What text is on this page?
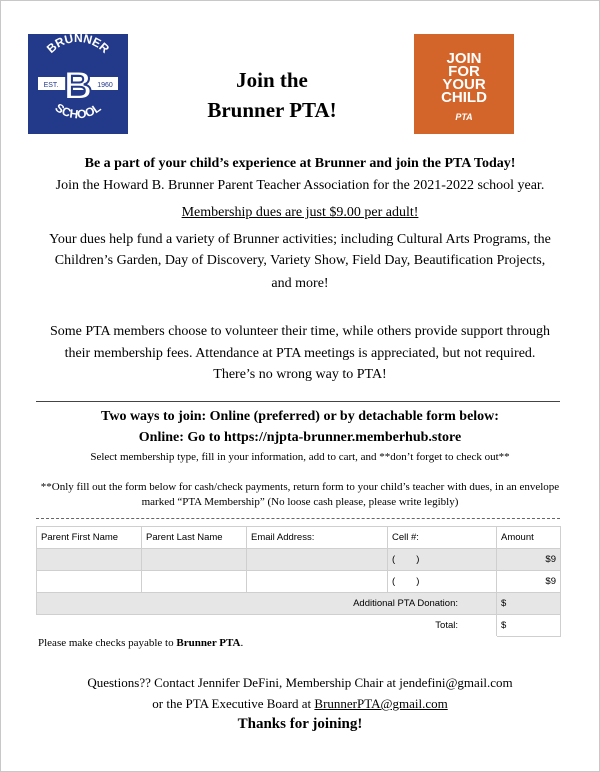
BRUNNER
SCHOOL
EST.	1960
B	Join the
Brunner PTA!
JOIN
FOR
YOUR
CHILD
PTA
Be a part of your child’s experience at Brunner and join the PTA Today!
Join the Howard B. Brunner Parent Teacher Association for the 2021-2022 school year.
Membership dues are just $9.00 per adult!
Your dues help fund a variety of Brunner activities; including Cultural Arts Programs, the
Children’s Garden, Day of Discovery, Variety Show, Field Day, Beautification Projects,
and more!
Some PTA members choose to volunteer their time, while others provide support through
their membership fees. Attendance at PTA meetings is appreciated, but not required.
There’s no wrong way to PTA!
Two ways to join: Online (preferred) or by detachable form below:
Online: Go to https://njpta-brunner.memberhub.store
Select membership type, fill in your information, add to cart, and **don’t forget to check out**
**Only fill out the form below for cash/check payments, return form to your child’s teacher with dues, in an envelope
marked “PTA Membership” (No loose cash please, please write legibly)
Parent First Name	Parent Last Name	Email Address:	Cell #:	Amount
			(        )	$9
			(        )	$9
Additional PTA Donation:				$
Total:				$
Please make checks payable to Brunner PTA.
Questions?? Contact Jennifer DeFini, Membership Chair at jendefini@gmail.com
or the PTA Executive Board at BrunnerPTA@gmail.com
Thanks for joining!
